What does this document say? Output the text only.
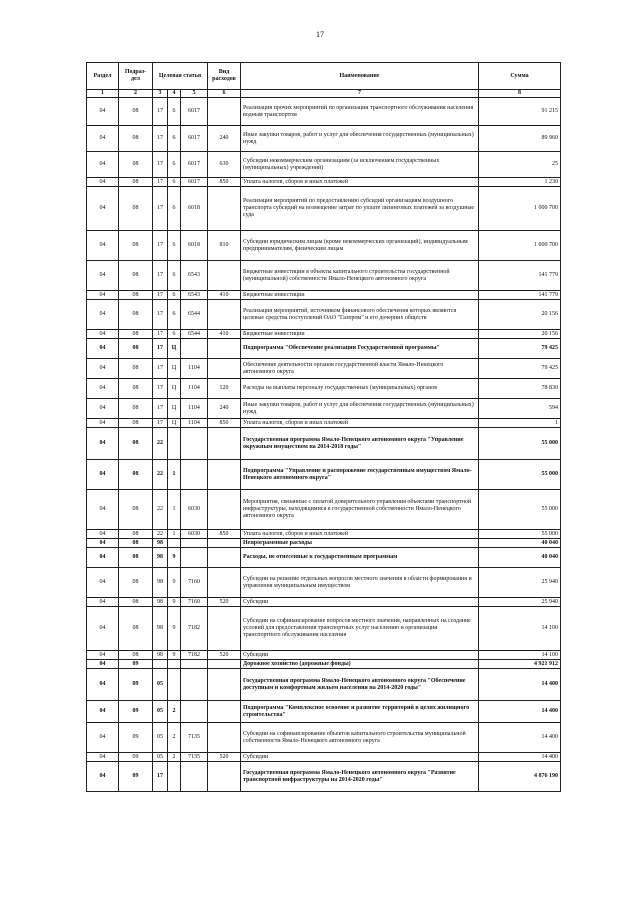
17
Раздел	Подраз-дел	Целевая статья			Вид расходов	Наименование	Сумма
1	2	3	4	5	6	7	8
04	08	17	6	6017		Реализация прочих мероприятий по организации транспортного обслуживания населения водным транспортом	91 215
04	08	17	6	6017	240	Иные закупки товаров, работ и услуг для обеспечения государственных (муниципальных) нужд	89 960
04	08	17	6	6017	630	Субсидии некоммерческим организациям (за исключением государственных (муниципальных) учреждений)	25
04	08	17	6	6017	850	Уплата налогов, сборов и иных платежей	1 230
04	08	17	6	6018		Реализация мероприятий по предоставлению субсидий организациям воздушного транспорта субсидий на возмещение затрат по уплате лизинговых платежей за воздушные суда	1 000 700
04	08	17	6	6018	810	Субсидии юридическим лицам (кроме некоммерческих организаций), индивидуальным предпринимателям, физическим лицам	1 000 700
04	08	17	6	6543		Бюджетные инвестиции в объекты капитального строительства государственной (муниципальной) собственности Ямало-Ненецкого автономного округа	141 779
04	08	17	6	6543	410	Бюджетные инвестиции	141 779
04	08	17	6	6544		Реализация мероприятий, источником финансового обеспечения которых являются целевые средства поступлений ОАО "Газпром" и его дочерних обществ	20 156
04	08	17	6	6544	410	Бюджетные инвестиции	20 156
04	08	17	Ц			Подпрограмма "Обеспечение реализации Государственной программы"	79 425
04	08	17	Ц	1104		Обеспечение деятельности органов государственной власти Ямало-Ненецкого автономного округа	79 425
04	08	17	Ц	1104	120	Расходы на выплаты персоналу государственных (муниципальных) органов	78 830
04	08	17	Ц	1104	240	Иные закупки товаров, работ и услуг для обеспечения государственных (муниципальных) нужд	594
04	08	17	Ц	1104	850	Уплата налогов, сборов и иных платежей	1
04	08	22				Государственная программа Ямало-Ненецкого автономного округа "Управление окружным имуществом на 2014-2018 годы"	55 000
04	08	22	1			Подпрограмма "Управление и распоряжение государственным имуществом Ямало-Ненецкого автономного округа"	55 000
04	08	22	1	6030		Мероприятия, связанные с оплатой доверительного управления объектами транспортной инфраструктуры, находящимися в государственной собственности Ямало-Ненецкого автономного округа	55 000
04	08	22	1	6030	850	Уплата налогов, сборов и иных платежей	55 000
04	08	98				Непрограммные расходы	40 040
04	08	98	9			Расходы, не отнесенные к государственным программам	40 040
04	08	98	9	7160		Субсидии на решение отдельных вопросов местного значения в области формирования и управления муниципальным имуществом	25 940
04	08	98	9	7160	520	Субсидии	25 940
04	08	98	9	7182		Субсидии на софинансирование вопросов местного значения, направленных на создание условий для предоставления транспортных услуг населению и организации транспортного обслуживания населения	14 100
04	08	98	9	7182	520	Субсидии	14 100
04	09					Дорожное хозяйство (дорожные фонды)	4 921 912
04	09	05				Государственная программа Ямало-Ненецкого автономного округа "Обеспечение доступным и комфортным жильем населения на 2014-2020 годы"	14 400
04	09	05	2			Подпрограмма "Комплексное освоение и развитие территорий в целях жилищного строительства"	14 400
04	09	05	2	7135		Субсидии на софинансирование объектов капитального строительства муниципальной собственности Ямало-Ненецкого автономного округа	14 400
04	09	05	2	7135	520	Субсидии	14 400
04	09	17				Государственная программа Ямало-Ненецкого автономного округа "Развитие транспортной инфраструктуры на 2014-2020 годы"	4 876 190
